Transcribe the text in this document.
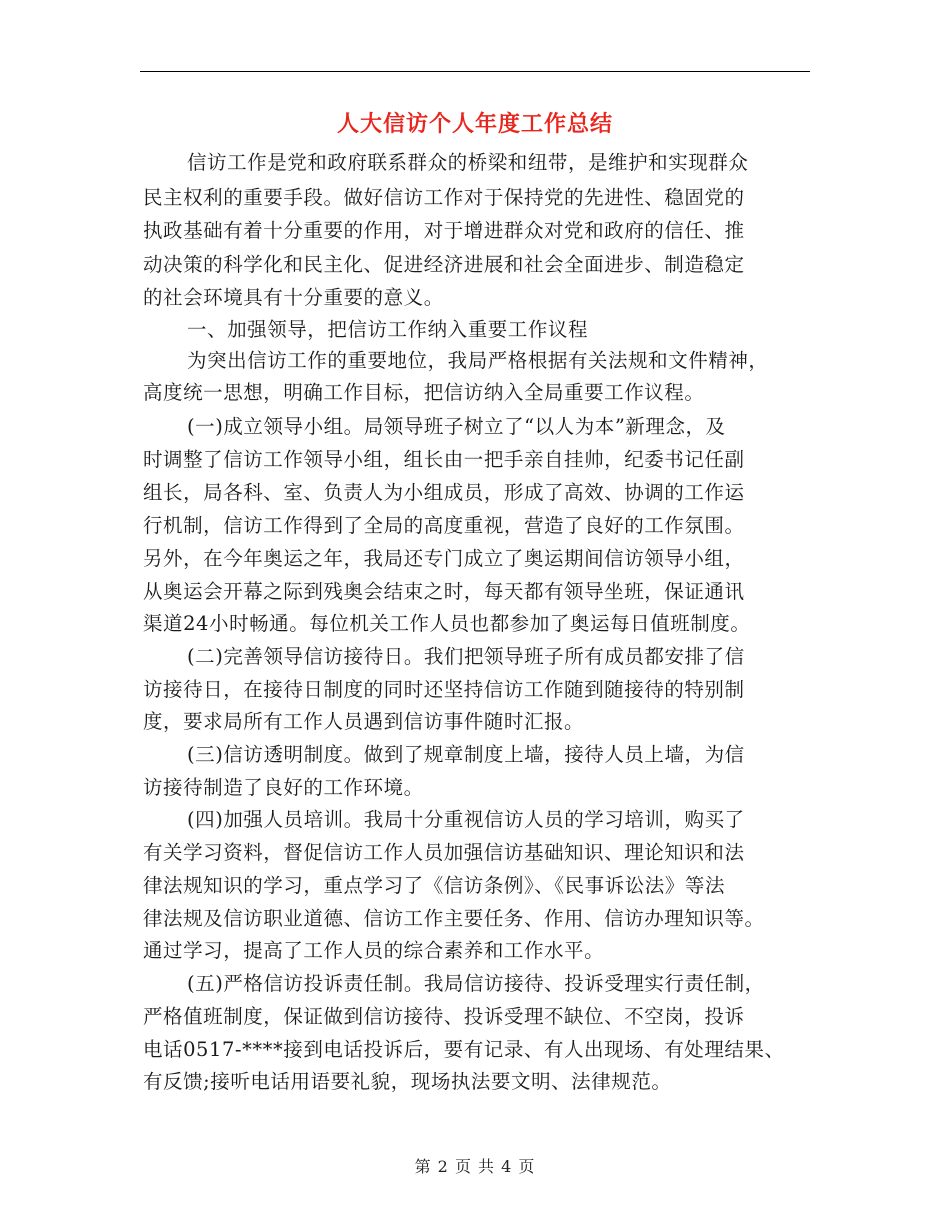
人大信访个人年度工作总结
信访工作是党和政府联系群众的桥梁和纽带，是维护和实现群众
民主权利的重要手段。做好信访工作对于保持党的先进性、稳固党的
执政基础有着十分重要的作用，对于增进群众对党和政府的信任、推
动决策的科学化和民主化、促进经济进展和社会全面进步、制造稳定
的社会环境具有十分重要的意义。
一、加强领导，把信访工作纳入重要工作议程
为突出信访工作的重要地位，我局严格根据有关法规和文件精神，
高度统一思想，明确工作目标，把信访纳入全局重要工作议程。
(一)成立领导小组。局领导班子树立了“以人为本”新理念，及
时调整了信访工作领导小组，组长由一把手亲自挂帅，纪委书记任副
组长，局各科、室、负责人为小组成员，形成了高效、协调的工作运
行机制，信访工作得到了全局的高度重视，营造了良好的工作氛围。
另外，在今年奥运之年，我局还专门成立了奥运期间信访领导小组，
从奥运会开幕之际到残奥会结束之时，每天都有领导坐班，保证通讯
渠道24小时畅通。每位机关工作人员也都参加了奥运每日值班制度。
(二)完善领导信访接待日。我们把领导班子所有成员都安排了信
访接待日，在接待日制度的同时还坚持信访工作随到随接待的特别制
度，要求局所有工作人员遇到信访事件随时汇报。
(三)信访透明制度。做到了规章制度上墙，接待人员上墙，为信
访接待制造了良好的工作环境。
(四)加强人员培训。我局十分重视信访人员的学习培训，购买了
有关学习资料，督促信访工作人员加强信访基础知识、理论知识和法
律法规知识的学习，重点学习了《信访条例》、《民事诉讼法》等法
律法规及信访职业道德、信访工作主要任务、作用、信访办理知识等。
通过学习，提高了工作人员的综合素养和工作水平。
(五)严格信访投诉责任制。我局信访接待、投诉受理实行责任制，
严格值班制度，保证做到信访接待、投诉受理不缺位、不空岗，投诉
电话0517-****接到电话投诉后，要有记录、有人出现场、有处理结果、
有反馈;接听电话用语要礼貌，现场执法要文明、法律规范。
第 2 页 共 4 页
